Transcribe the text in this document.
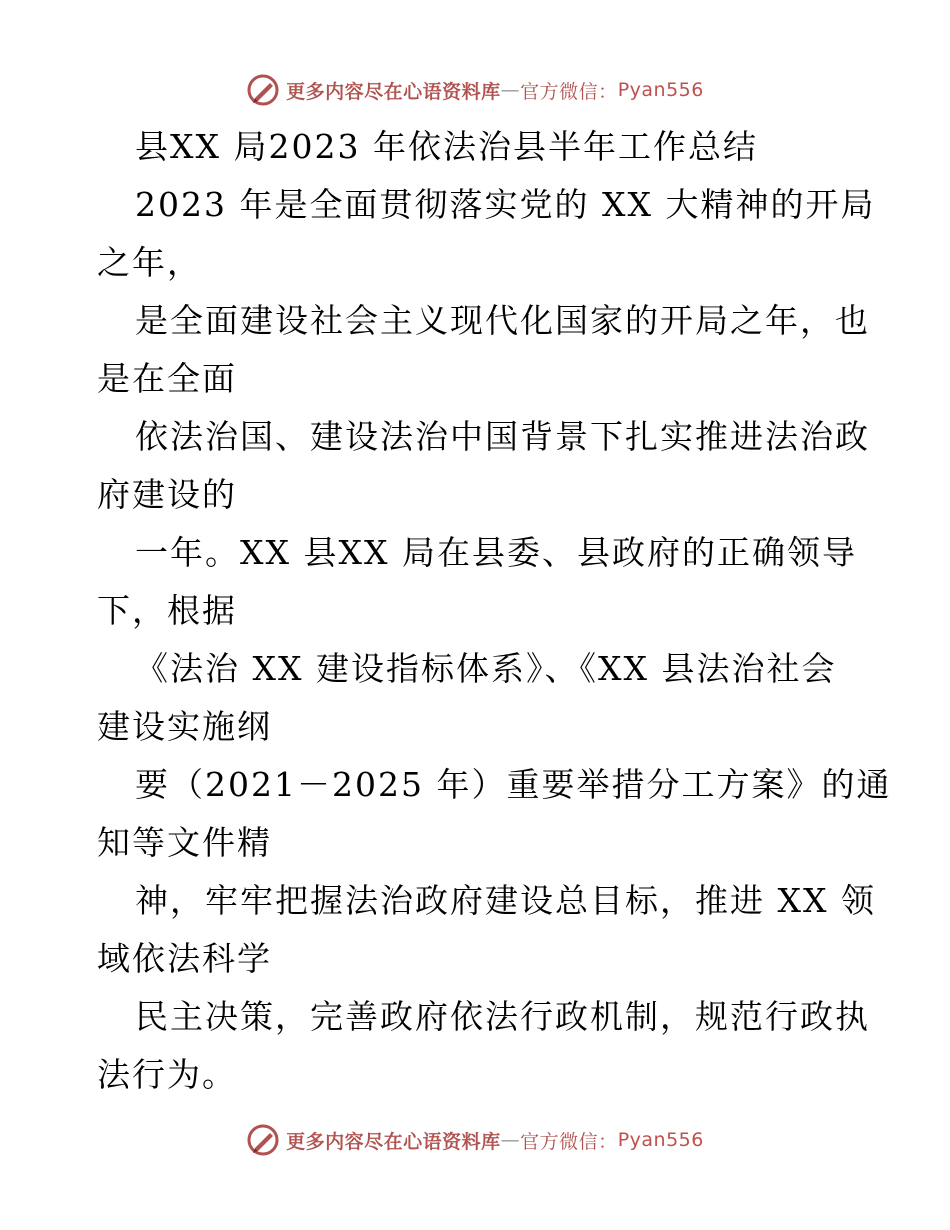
更多内容尽在心语资料库 — 官方微信： Pyan556
县XX 局2023 年依法治县半年工作总结
2023 年是全面贯彻落实党的 XX 大精神的开局
之年，
是全面建设社会主义现代化国家的开局之年，也
是在全面
依法治国、建设法治中国背景下扎实推进法治政
府建设的
一年。XX 县XX 局在县委、县政府的正确领导
下，根据
《法治 XX 建设指标体系》、《XX 县法治社会
建设实施纲
要（2021－2025 年）重要举措分工方案》的通
知等文件精
神，牢牢把握法治政府建设总目标，推进 XX 领
域依法科学
民主决策，完善政府依法行政机制，规范行政执
法行为。
更多内容尽在心语资料库 — 官方微信： Pyan556
